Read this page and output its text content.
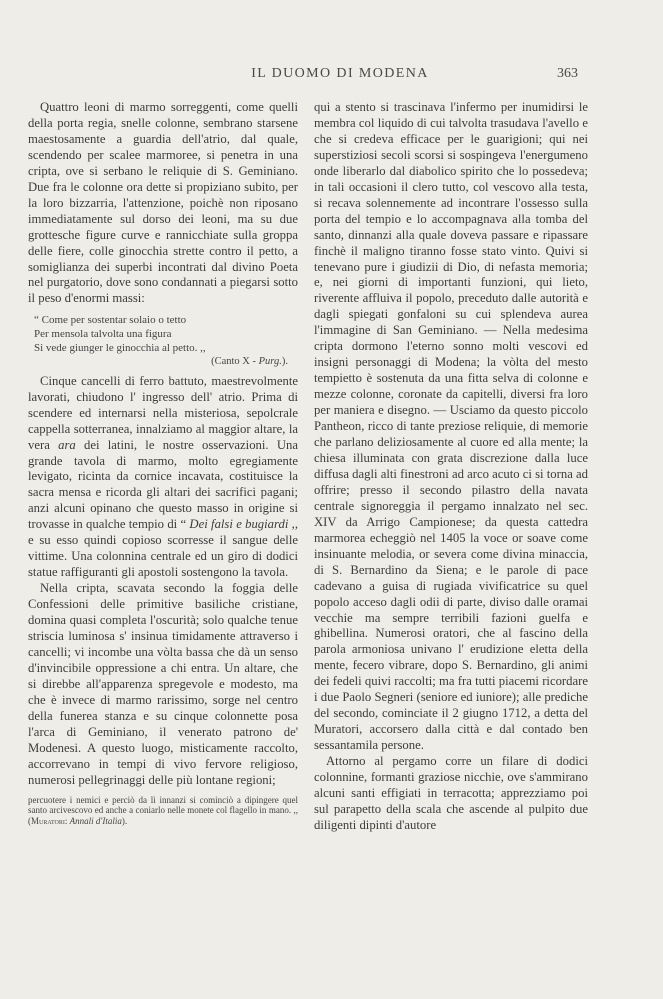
IL DUOMO DI MODENA	363

Quattro leoni di marmo sorreggenti, come quelli della porta regia, snelle colonne, sembrano starsene maestosamente a guardia dell'atrio, dal quale, scendendo per scalee marmoree, si penetra in una cripta, ove si serbano le reliquie di S. Geminiano. Due fra le colonne ora dette si propiziano subito, per la loro bizzarria, l'attenzione, poichè non riposano immediatamente sul dorso dei leoni, ma su due grottesche figure curve e rannicchiate sulla groppa delle fiere, colle ginocchia strette contro il petto, a somiglianza dei superbi incontrati dal divino Poeta nel purgatorio, dove sono condannati a piegarsi sotto il peso d'enormi massi:

“ Come per sostentar solaio o tetto
Per mensola talvolta una figura
Si vede giunger le ginocchia al petto. ,,
(Canto X - Purg.).

Cinque cancelli di ferro battuto, maestrevolmente lavorati, chiudono l' ingresso dell' atrio. Prima di scendere ed internarsi nella misteriosa, sepolcrale cappella sotterranea, innalziamo al maggior altare, la vera ara dei latini, le nostre osservazioni. Una grande tavola di marmo, molto egregiamente levigato, ricinta da cornice incavata, costituisce la sacra mensa e ricorda gli altari dei sacrifici pagani; anzi alcuni opinano che questo masso in origine si trovasse in qualche tempio di “ Dei falsi e bugiardi ,, e su esso quindi copioso scorresse il sangue delle vittime. Una colonnina centrale ed un giro di dodici statue raffiguranti gli apostoli sostengono la tavola.

Nella cripta, scavata secondo la foggia delle Confessioni delle primitive basiliche cristiane, domina quasi completa l'oscurità; solo qualche tenue striscia luminosa s' insinua timidamente attraverso i cancelli; vi incombe una vòlta bassa che dà un senso d'invincibile oppressione a chi entra. Un altare, che si direbbe all'apparenza spregevole e modesto, ma che è invece di marmo rarissimo, sorge nel centro della funerea stanza e su cinque colonnette posa l'arca di Geminiano, il venerato patrono de' Modenesi. A questo luogo, misticamente raccolto, accorrevano in tempi di vivo fervore religioso, numerosi pellegrinaggi delle più lontane regioni;

percuotere i nemici e perciò da lì innanzi si cominciò a dipingere quel santo arcivescovo ed anche a coniarlo nelle monete col flagello in mano. ,, (Muratori: Annali d'Italia).

qui a stento si trascinava l'infermo per inumidirsi le membra col liquido di cui talvolta trasudava l'avello e che si credeva efficace per le guarigioni; qui nei superstiziosi secoli scorsi si sospingeva l'energumeno onde liberarlo dal diabolico spirito che lo possedeva; in tali occasioni il clero tutto, col vescovo alla testa, si recava solennemente ad incontrare l'ossesso sulla porta del tempio e lo accompagnava alla tomba del santo, dinnanzi alla quale doveva passare e ripassare finchè il maligno tiranno fosse stato vinto. Quivi si tenevano pure i giudizii di Dio, di nefasta memoria; e, nei giorni di importanti funzioni, qui lieto, riverente affluiva il popolo, preceduto dalle autorità e dagli spiegati gonfaloni su cui splendeva aurea l'immagine di San Geminiano. — Nella medesima cripta dormono l'eterno sonno molti vescovi ed insigni personaggi di Modena; la vòlta del mesto tempietto è sostenuta da una fitta selva di colonne e mezze colonne, coronate da capitelli, diversi fra loro per maniera e disegno. — Usciamo da questo piccolo Pantheon, ricco di tante preziose reliquie, di memorie che parlano deliziosamente al cuore ed alla mente; la chiesa illuminata con grata discrezione dalla luce diffusa dagli alti finestroni ad arco acuto ci si torna ad offrire; presso il secondo pilastro della navata centrale signoreggia il pergamo innalzato nel sec. XIV da Arrigo Campionese; da questa cattedra marmorea echeggiò nel 1405 la voce or soave come insinuante melodia, or severa come divina minaccia, di S. Bernardino da Siena; e le parole di pace cadevano a guisa di rugiada vivificatrice su quel popolo acceso dagli odii di parte, diviso dalle oramai vecchie ma sempre terribili fazioni guelfa e ghibellina. Numerosi oratori, che al fascino della parola armoniosa univano l' erudizione eletta della mente, fecero vibrare, dopo S. Bernardino, gli animi dei fedeli quivi raccolti; ma fra tutti piacemi ricordare i due Paolo Segneri (seniore ed iuniore); alle prediche del secondo, cominciate il 2 giugno 1712, a detta del Muratori, accorsero dalla città e dal contado ben sessantamila persone.

Attorno al pergamo corre un filare di dodici colonnine, formanti graziose nicchie, ove s'ammirano alcuni santi effigiati in terracotta; apprezziamo poi sul parapetto della scala che ascende al pulpito due diligenti dipinti d'autore
